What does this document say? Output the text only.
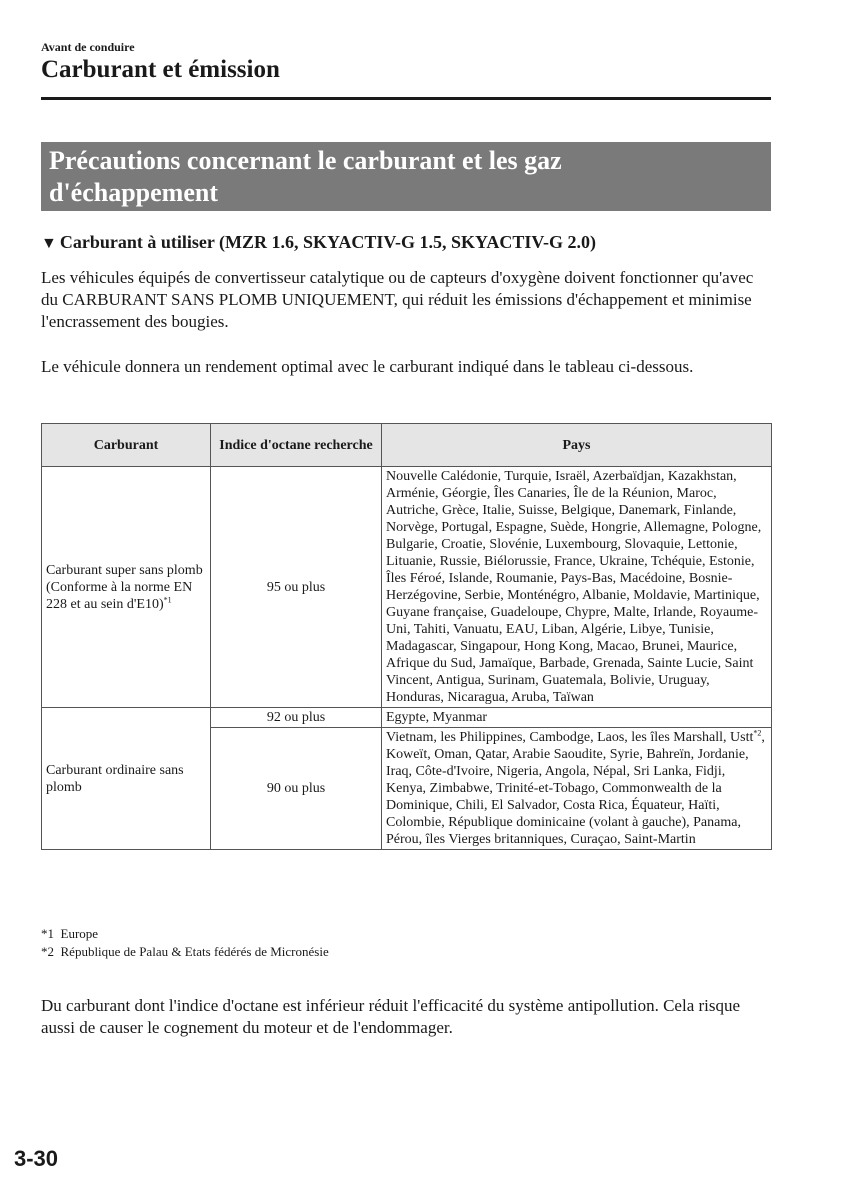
Avant de conduire
Carburant et émission
Précautions concernant le carburant et les gaz
d'échappement
▼ Carburant à utiliser (MZR 1.6, SKYACTIV-G 1.5, SKYACTIV-G 2.0)
Les véhicules équipés de convertisseur catalytique ou de capteurs d'oxygène doivent fonctionner qu'avec du CARBURANT SANS PLOMB UNIQUEMENT, qui réduit les émissions d'échappement et minimise l'encrassement des bougies.
Le véhicule donnera un rendement optimal avec le carburant indiqué dans le tableau ci-dessous.
Carburant	Indice d'octane recherche	Pays
Carburant super sans plomb (Conforme à la norme EN 228 et au sein d'E10)$^{*1}$	95 ou plus	Nouvelle Calédonie, Turquie, Israël, Azerbaïdjan, Kazakhstan, Arménie, Géorgie, Îles Canaries, Île de la Réunion, Maroc, Autriche, Grèce, Italie, Suisse, Belgique, Danemark, Finlande, Norvège, Portugal, Espagne, Suède, Hongrie, Allemagne, Pologne, Bulgarie, Croatie, Slovénie, Luxembourg, Slovaquie, Lettonie, Lituanie, Russie, Biélorussie, France, Ukraine, Tchéquie, Estonie, Îles Féroé, Islande, Roumanie, Pays-Bas, Macédoine, Bosnie-Herzégovine, Serbie, Monténégro, Albanie, Moldavie, Martinique, Guyane française, Guadeloupe, Chypre, Malte, Irlande, Royaume-Uni, Tahiti, Vanuatu, EAU, Liban, Algérie, Libye, Tunisie, Madagascar, Singapour, Hong Kong, Macao, Brunei, Maurice, Afrique du Sud, Jamaïque, Barbade, Grenada, Sainte Lucie, Saint Vincent, Antigua, Surinam, Guatemala, Bolivie, Uruguay, Honduras, Nicaragua, Aruba, Taïwan
Carburant ordinaire sans plomb	92 ou plus	Egypte, Myanmar
	90 ou plus	Vietnam, les Philippines, Cambodge, Laos, les îles Marshall, Ustt$^{*2}$, Koweït, Oman, Qatar, Arabie Saoudite, Syrie, Bahreïn, Jordanie, Iraq, Côte-d'Ivoire, Nigeria, Angola, Népal, Sri Lanka, Fidji, Kenya, Zimbabwe, Trinité-et-Tobago, Commonwealth de la Dominique, Chili, El Salvador, Costa Rica, Équateur, Haïti, Colombie, République dominicaine (volant à gauche), Panama, Pérou, îles Vierges britanniques, Curaçao, Saint-Martin
*1  Europe
*2  République de Palau & Etats fédérés de Micronésie
Du carburant dont l'indice d'octane est inférieur réduit l'efficacité du système antipollution. Cela risque aussi de causer le cognement du moteur et de l'endommager.
3-30
